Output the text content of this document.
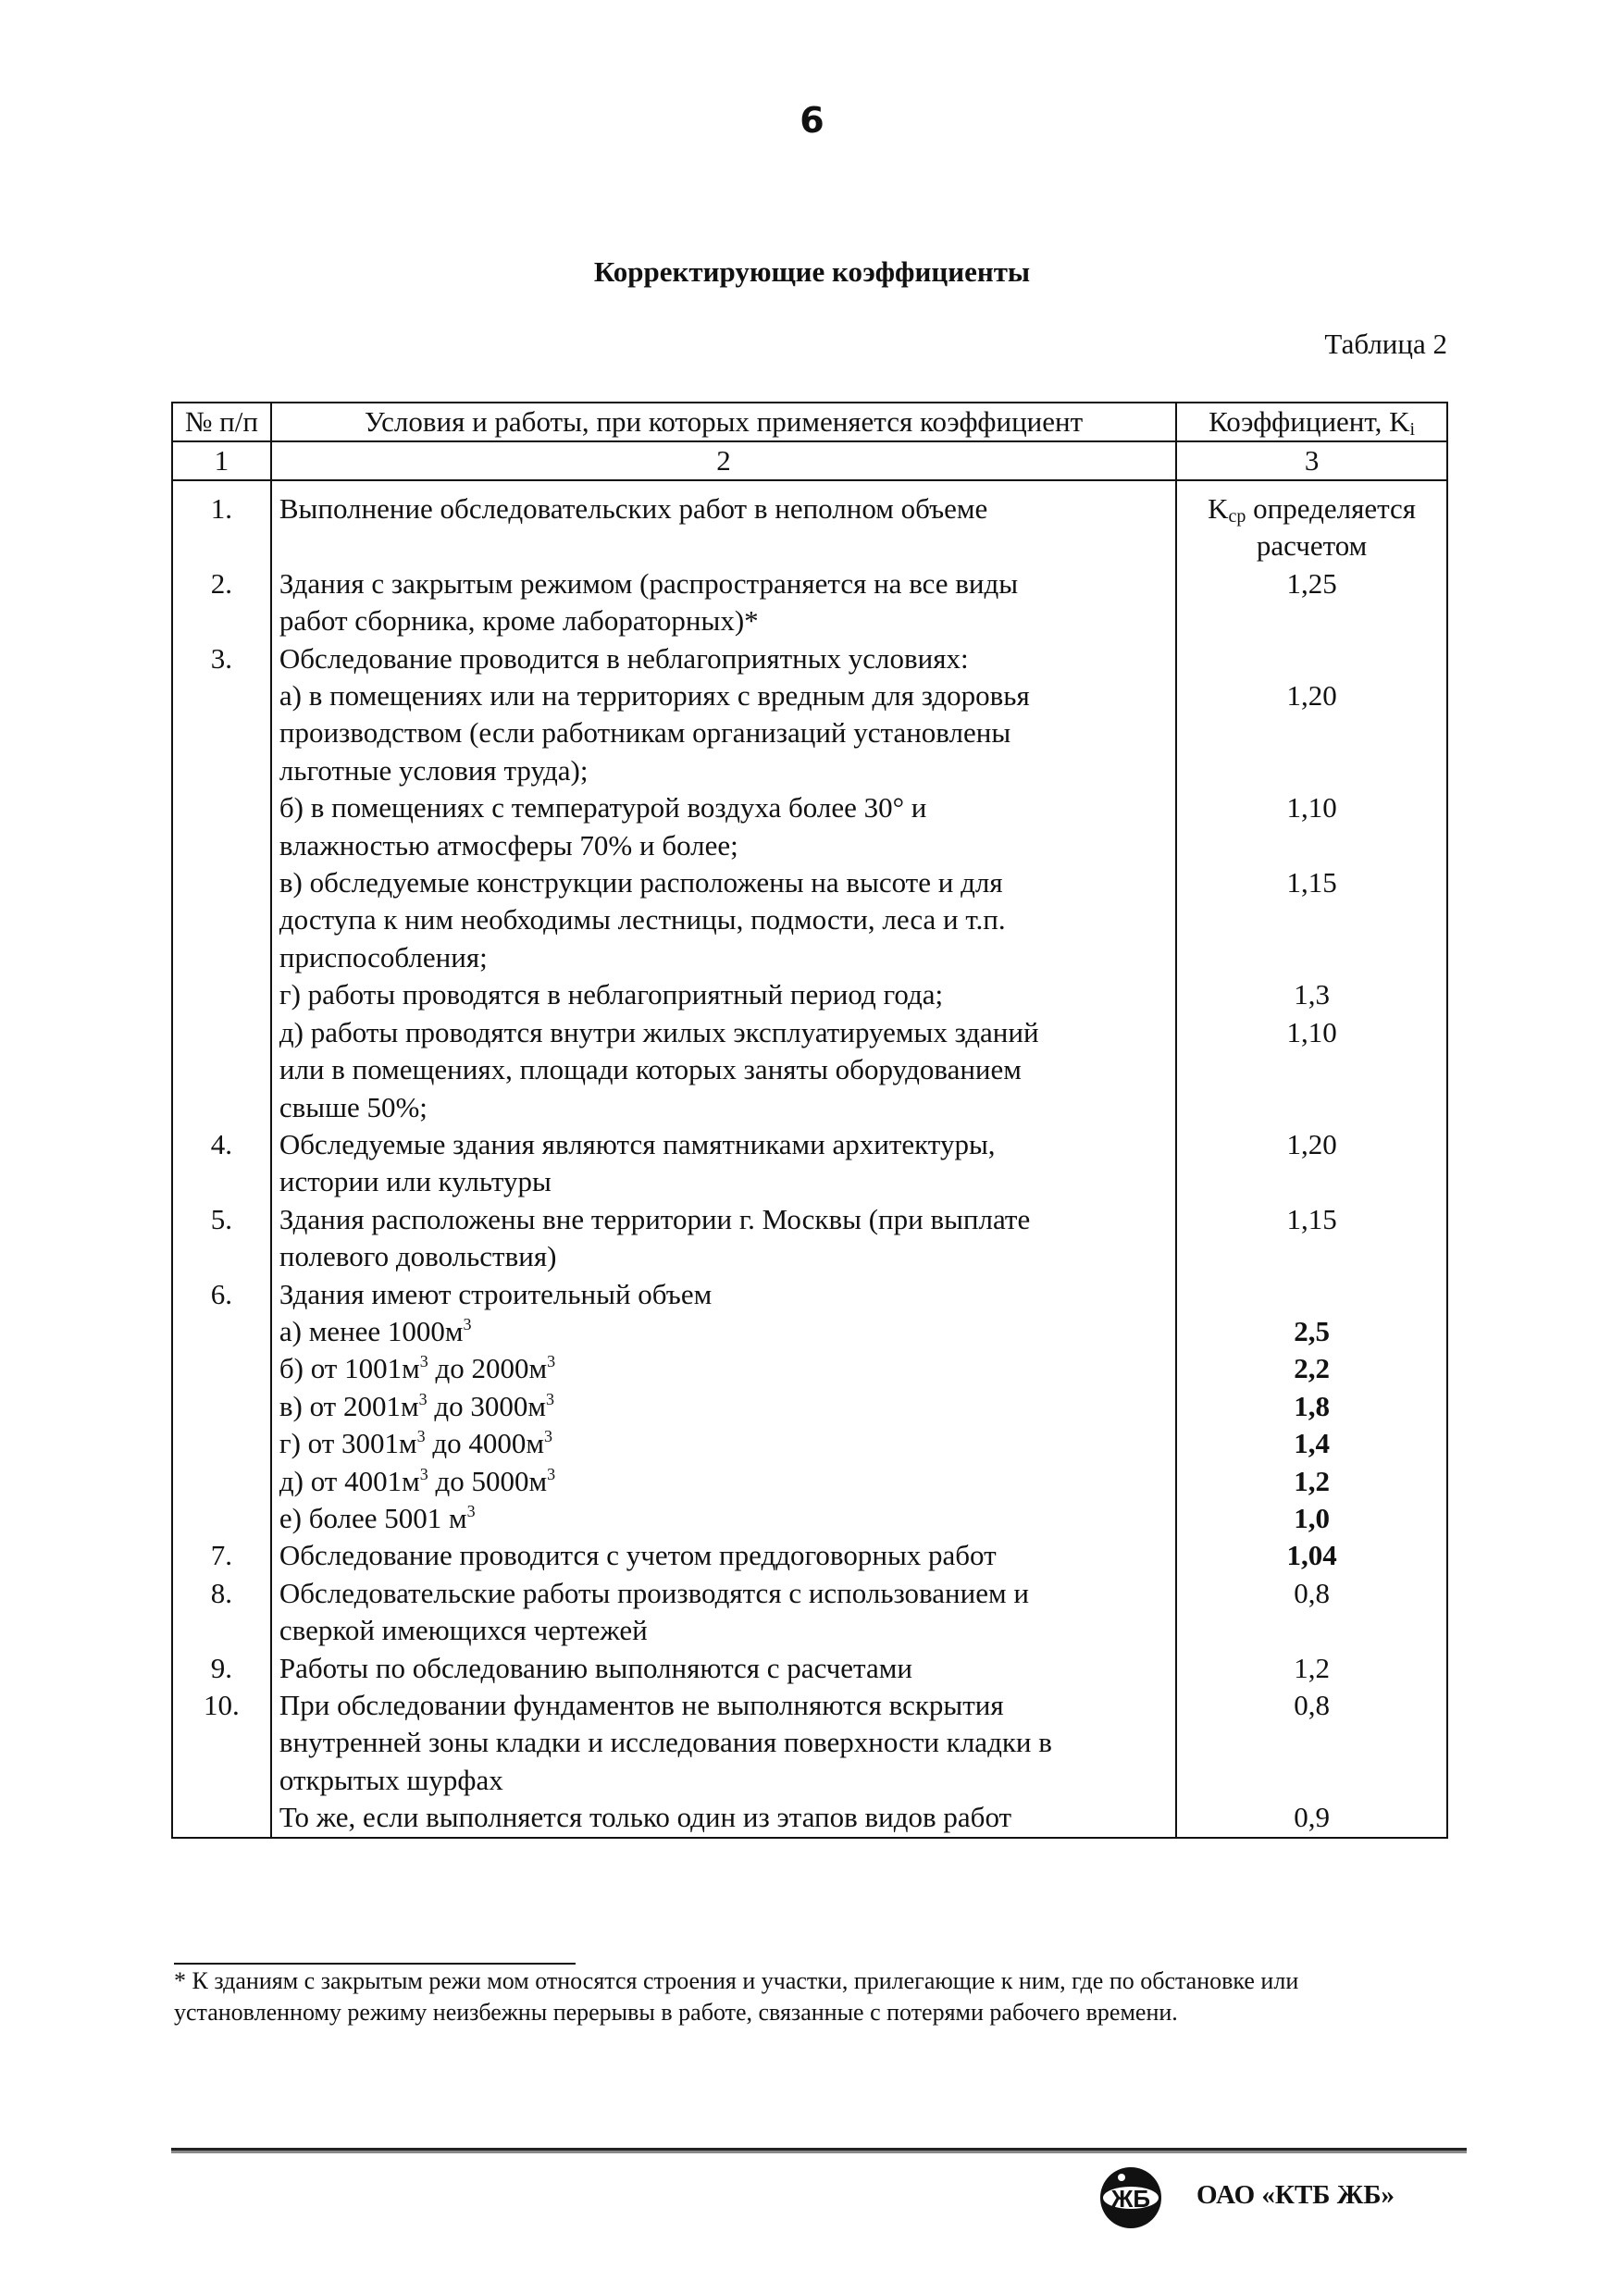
6
Корректирующие коэффициенты
Таблица 2
№ п/п	Условия и работы, при которых применяется коэффициент	Коэффициент, $K_i$
1	2	3
1.	Выполнение обследовательских работ в неполном объеме	$K_{ср}$ определяется
расчетом

2.	Здания с закрытым режимом (распространяется на все виды
работ сборника, кроме лабораторных)*	1,25
3.	Обследование проводится в неблагоприятных условиях:	

	а) в помещениях или на территориях с вредным для здоровья
производством (если работникам организаций установлены
льготные условия труда);	1,20

	б) в помещениях с температурой воздуха более 30° и
влажностью атмосферы 70% и более;	1,10

	в) обследуемые конструкции расположены на высоте и для
доступа к ним необходимы лестницы, подмости, леса и т.п.
приспособления;	1,15

	г) работы проводятся в неблагоприятный период года;	1,3

	д) работы проводятся внутри жилых эксплуатируемых зданий
или в помещениях, площади которых заняты оборудованием
свыше 50%;	1,10
4.	Обследуемые здания являются памятниками архитектуры,
истории или культуры	1,20
5.	Здания расположены вне территории г. Москвы (при выплате
полевого довольствия)	1,15
6.	Здания имеют строительный объем	

	а) менее $1000м^3$	2,5

	б) от $1001м^3$ до $2000м^3$	2,2

	в) от $2001м^3$ до $3000м^3$	1,8

	г) от $3001м^3$ до $4000м^3$	1,4

	д) от $4001м^3$ до $5000м^3$	1,2

	е) более 5001 $м^3$	1,0
7.	Обследование проводится с учетом преддоговорных работ	1,04
8.	Обследовательские работы производятся с использованием и
сверкой имеющихся чертежей	0,8
9.	Работы по обследованию выполняются с расчетами	1,2
10.	При обследовании фундаментов не выполняются вскрытия
внутренней зоны кладки и исследования поверхности кладки в
открытых шурфах	0,8

	То же, если выполняется только один из этапов видов работ	0,9
* К зданиям с закрытым режи мом относятся строения и участки, прилегающие к ним, где по обстановке или
установленному режиму неизбежны перерывы в работе, связанные с потерями рабочего времени.
ЖБ ОАО «КТБ ЖБ»
